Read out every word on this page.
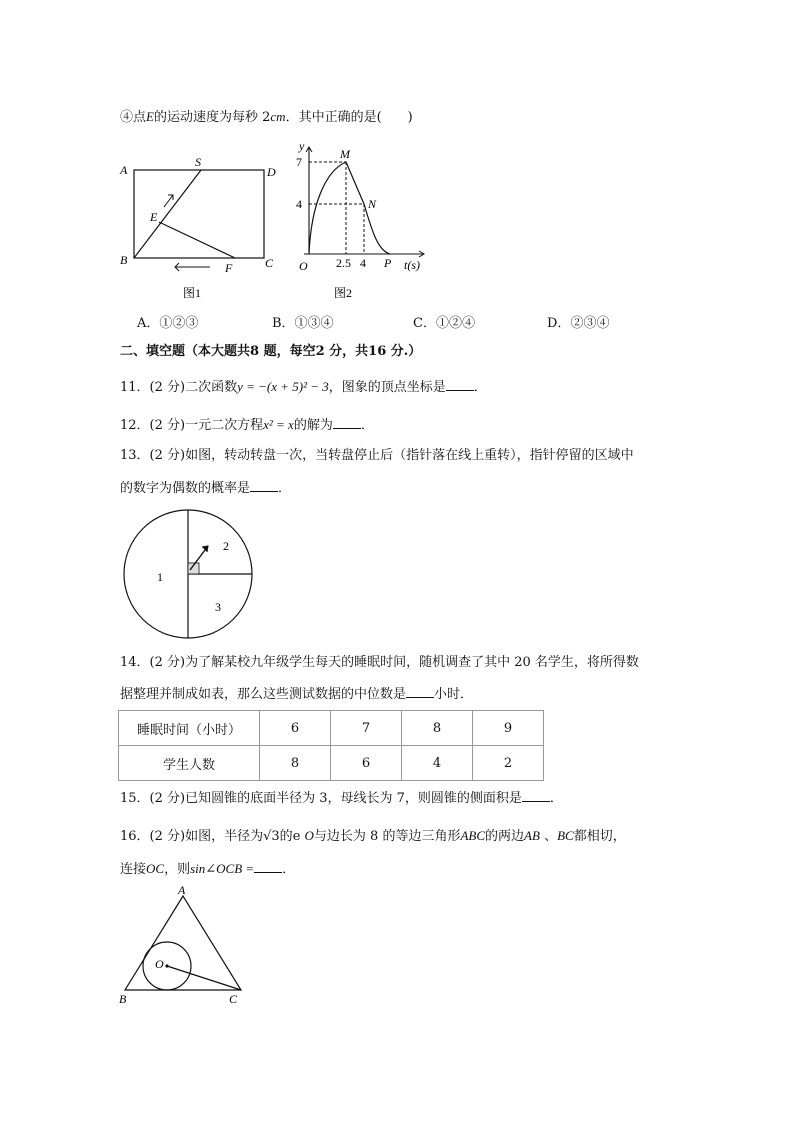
④点E的运动速度为每秒 2cm．其中正确的是(　　)
A
S
D
E
B
F	C
图1
y
7
4
M
N
O 2.5 4 P t(s)
图2
A．①②③	B．①③④	C．①②④	D．②③④
二、填空题（本大题共8 题，每空2 分，共16 分.）
11．(2 分)二次函数y = −(x + 5)² − 3，图象的顶点坐标是 ．
12．(2 分)一元二次方程x² = x的解为 ．
13．(2 分)如图，转动转盘一次，当转盘停止后（指针落在线上重转），指针停留的区域中
的数字为偶数的概率是 ．
1
2
3
14．(2 分)为了解某校九年级学生每天的睡眠时间，随机调查了其中 20 名学生，将所得数
据整理并制成如表，那么这些测试数据的中位数是 小时．
睡眠时间（小时）	6	7	8	9
学生人数	8	6	4	2
15．(2 分)已知圆锥的底面半径为 3，母线长为 7，则圆锥的侧面积是 ．
16．(2 分)如图，半径为√3的e O与边长为 8 的等边三角形ABC的两边AB 、BC都相切，
连接OC，则sin∠OCB = ．
A
B	C
O
